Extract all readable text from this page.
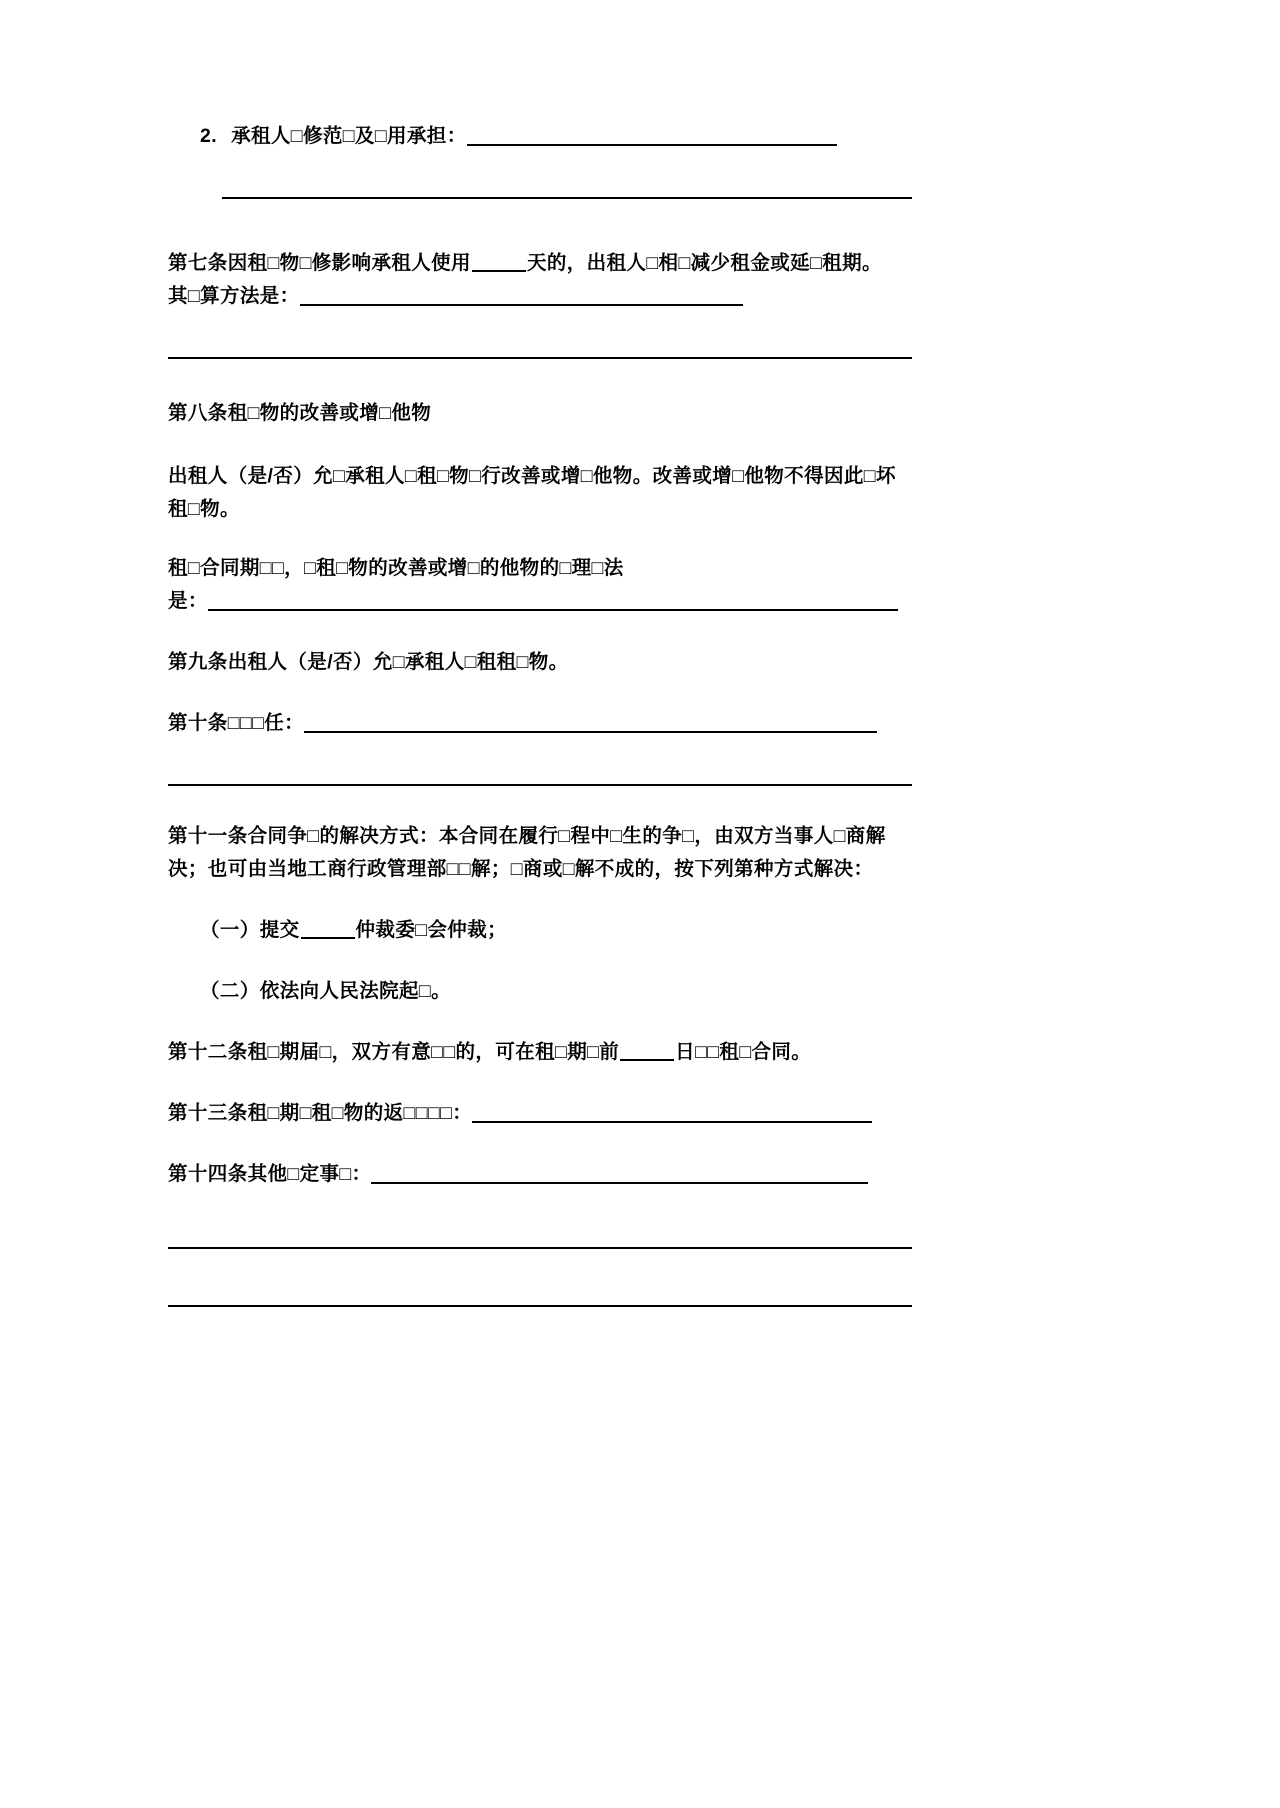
2. 承租人□修范□及□用承担：
第七条因租□物□修影响承租人使用	天的，出租人□相□减少租金或延□租期。
其□算方法是：
第八条租□物的改善或增□他物
出租人（是/否）允□承租人□租□物□行改善或增□他物。改善或增□他物不得因此□坏租□物。
租□合同期□□，□租□物的改善或增□的他物的□理□法
是：
第九条出租人（是/否）允□承租人□租租□物。
第十条□□□任：
第十一条合同争□的解决方式：本合同在履行□程中□生的争□，由双方当事人□商解
决；也可由当地工商行政管理部□□解；□商或□解不成的，按下列第种方式解决：
（一）提交	仲裁委□会仲裁；
（二）依法向人民法院起□。
第十二条租□期届□，双方有意□□的，可在租□期□前	日□□租□合同。
第十三条租□期□租□物的返□□□□：
第十四条其他□定事□：
